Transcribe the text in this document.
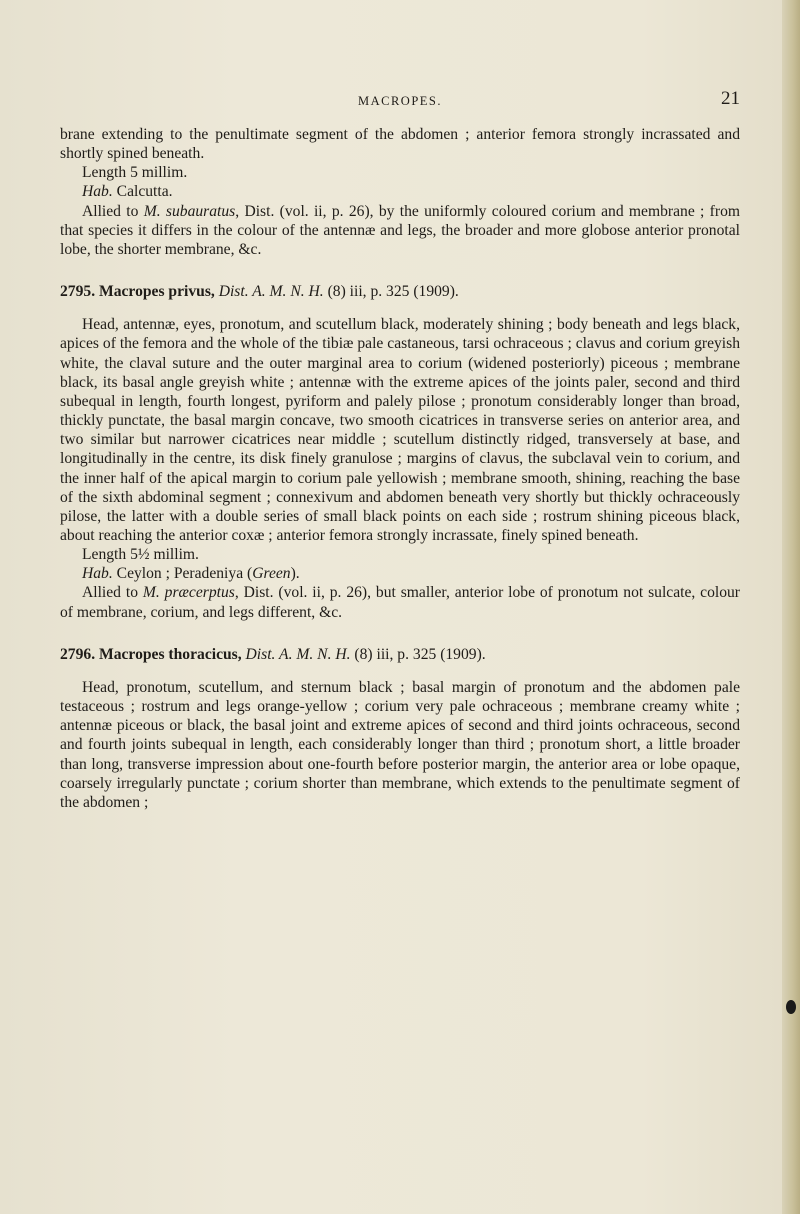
MACROPES.	21

brane extending to the penultimate segment of the abdomen ; anterior femora strongly incrassated and shortly spined beneath.

Length 5 millim.

Hab. Calcutta.

Allied to M. subauratus, Dist. (vol. ii, p. 26), by the uniformly coloured corium and membrane ; from that species it differs in the colour of the antennæ and legs, the broader and more globose anterior pronotal lobe, the shorter membrane, &c.

2795. Macropes privus, Dist. A. M. N. H. (8) iii, p. 325 (1909).

Head, antennæ, eyes, pronotum, and scutellum black, moderately shining ; body beneath and legs black, apices of the femora and the whole of the tibiæ pale castaneous, tarsi ochraceous ; clavus and corium greyish white, the claval suture and the outer marginal area to corium (widened posteriorly) piceous ; membrane black, its basal angle greyish white ; antennæ with the extreme apices of the joints paler, second and third subequal in length, fourth longest, pyriform and palely pilose ; pronotum considerably longer than broad, thickly punctate, the basal margin concave, two smooth cicatrices in transverse series on anterior area, and two similar but narrower cicatrices near middle ; scutellum distinctly ridged, transversely at base, and longitudinally in the centre, its disk finely granulose ; margins of clavus, the subclaval vein to corium, and the inner half of the apical margin to corium pale yellowish ; membrane smooth, shining, reaching the base of the sixth abdominal segment ; connexivum and abdomen beneath very shortly but thickly ochraceously pilose, the latter with a double series of small black points on each side ; rostrum shining piceous black, about reaching the anterior coxæ ; anterior femora strongly incrassate, finely spined beneath.

Length 5½ millim.

Hab. Ceylon ; Peradeniya (Green).

Allied to M. præcerptus, Dist. (vol. ii, p. 26), but smaller, anterior lobe of pronotum not sulcate, colour of membrane, corium, and legs different, &c.

2796. Macropes thoracicus, Dist. A. M. N. H. (8) iii, p. 325 (1909).

Head, pronotum, scutellum, and sternum black ; basal margin of pronotum and the abdomen pale testaceous ; rostrum and legs orange-yellow ; corium very pale ochraceous ; membrane creamy white ; antennæ piceous or black, the basal joint and extreme apices of second and third joints ochraceous, second and fourth joints subequal in length, each considerably longer than third ; pronotum short, a little broader than long, transverse impression about one-fourth before posterior margin, the anterior area or lobe opaque, coarsely irregularly punctate ; corium shorter than membrane, which extends to the penultimate segment of the abdomen ;
